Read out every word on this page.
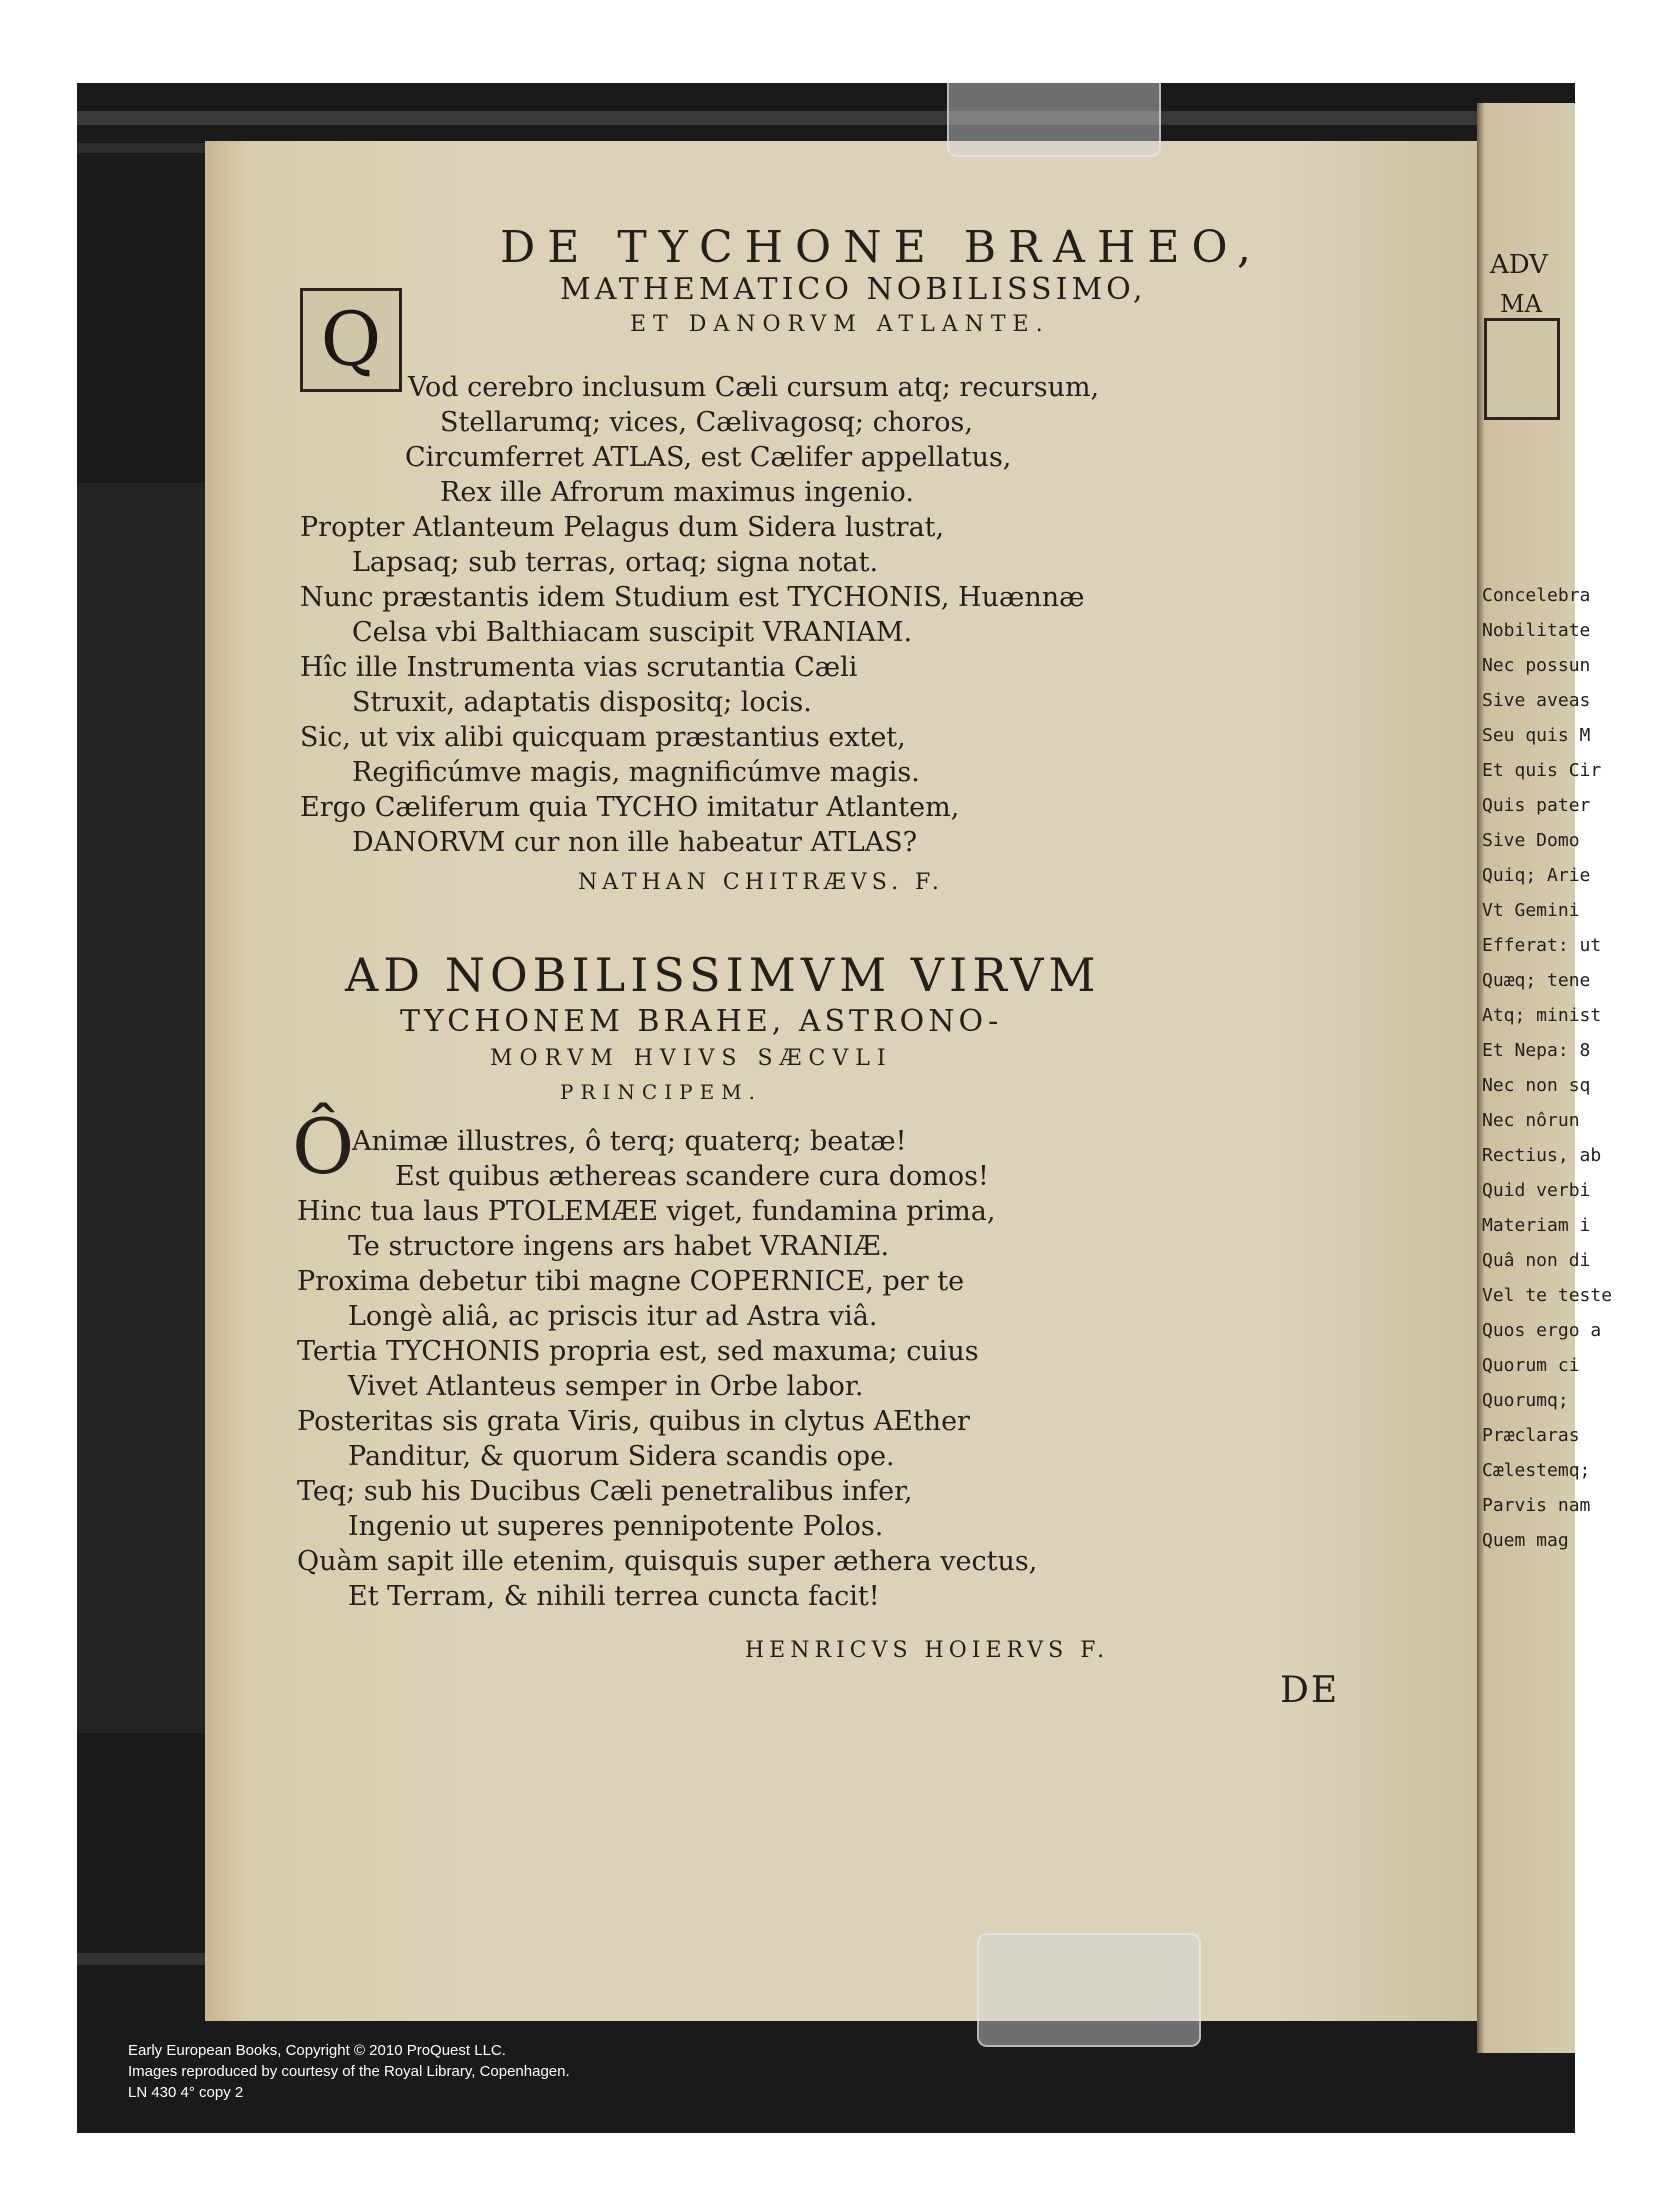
DE TYCHONE BRAHEO,
MATHEMATICO NOBILISSIMO,
ET DANORVM ATLANTE.
Q
Vod cerebro inclusum Cæli cursum atq; recursum,
Stellarumq; vices, Cælivagosq; choros,
Circumferret ATLAS, est Cælifer appellatus,
Rex ille Afrorum maximus ingenio.
Propter Atlanteum Pelagus dum Sidera lustrat,
Lapsaq; sub terras, ortaq; signa notat.
Nunc præstantis idem Studium est TYCHONIS, Huænnæ
Celsa vbi Balthiacam suscipit VRANIAM.
Hîc ille Instrumenta vias scrutantia Cæli
Struxit, adaptatis dispositq; locis.
Sic, ut vix alibi quicquam præstantius extet,
Regificúmve magis, magnificúmve magis.
Ergo Cæliferum quia TYCHO imitatur Atlantem,
DANORVM cur non ille habeatur ATLAS?
NATHAN CHITRÆVS. F.
AD NOBILISSIMVM VIRVM
TYCHONEM BRAHE, ASTRONO-
MORVM HVIVS SÆCVLI
PRINCIPEM.
Ô
Animæ illustres, ô terq; quaterq; beatæ!
Est quibus æthereas scandere cura domos!
Hinc tua laus PTOLEMÆE viget, fundamina prima,
Te structore ingens ars habet VRANIÆ.
Proxima debetur tibi magne COPERNICE, per te
Longè aliâ, ac priscis itur ad Astra viâ.
Tertia TYCHONIS propria est, sed maxuma; cuius
Vivet Atlanteus semper in Orbe labor.
Posteritas sis grata Viris, quibus in clytus AEther
Panditur, & quorum Sidera scandis ope.
Teq; sub his Ducibus Cæli penetralibus infer,
Ingenio ut superes pennipotente Polos.
Quàm sapit ille etenim, quisquis super æthera vectus,
Et Terram, & nihili terrea cuncta facit!
HENRICVS HOIERVS F.
DE
ADV
MA
Concelebra
Nobilitate
Nec possun
Sive aveas
Seu quis M
Et quis Cir
Quis pater
Sive Domo
Quiq; Arie
Vt Gemini
Efferat: ut
Quæq; tene
Atq; minist
Et Nepa: 8
Nec non sq
Nec nôrun
Rectius, ab
Quid verbi
Materiam i
Quâ non di
Vel te teste
Quos ergo a
Quorum ci
Quorumq;
Præclaras
Cælestemq;
Parvis nam
Quem mag
Early European Books, Copyright © 2010 ProQuest LLC.
Images reproduced by courtesy of the Royal Library, Copenhagen.
LN 430 4° copy 2
